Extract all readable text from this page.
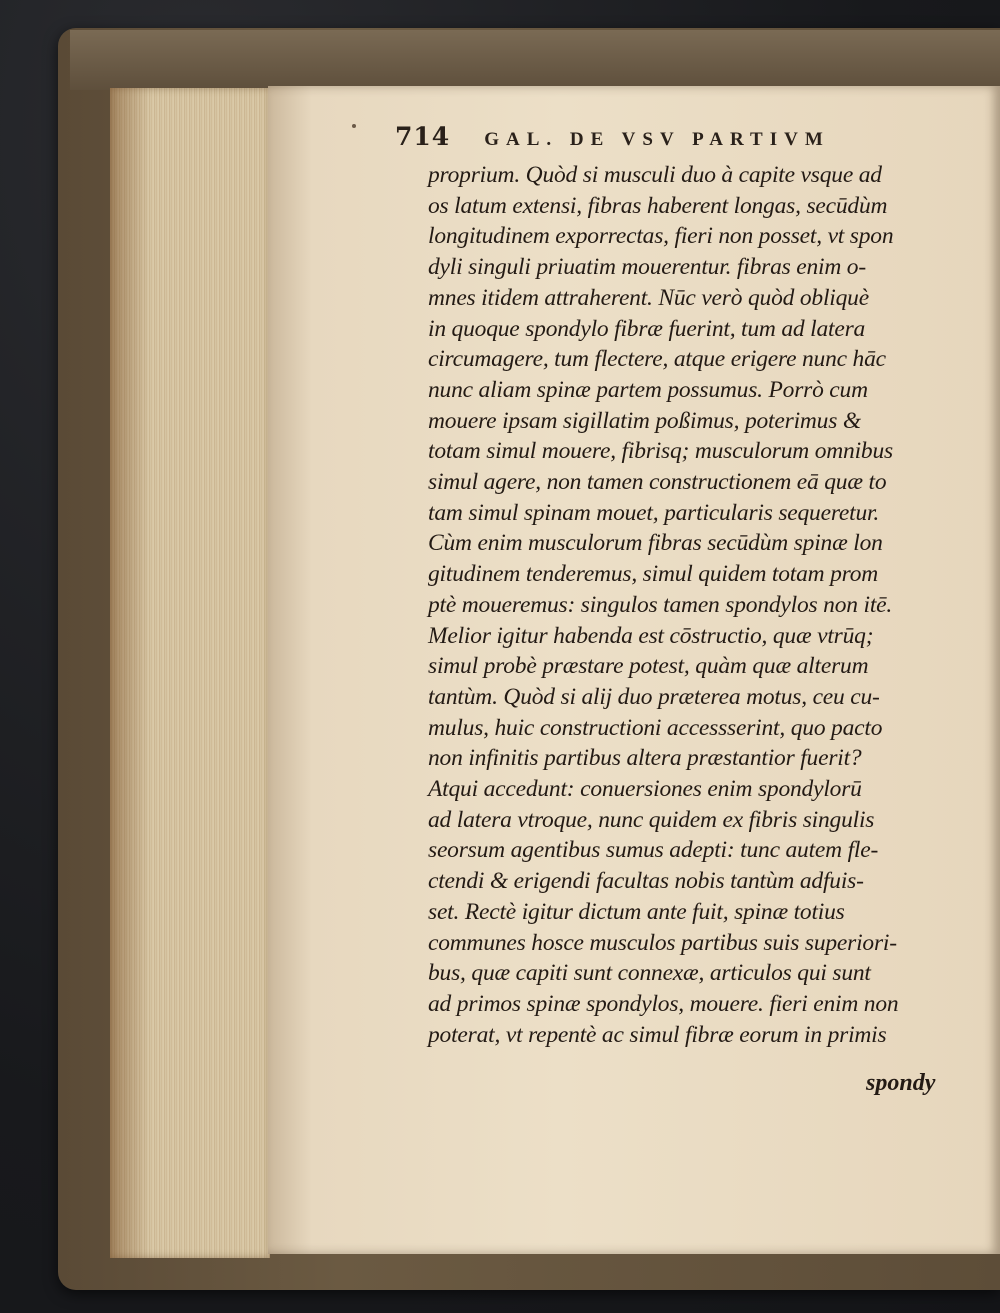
714 GAL. DE VSV PARTIVM
proprium. Quòd si musculi duo à capite vsque ad
os latum extensi, fibras haberent longas, secūdùm
longitudinem exporrectas, fieri non posset, vt spon
dyli singuli priuatim mouerentur. fibras enim o-
mnes itidem attraherent. Nūc verò quòd obliquè
in quoque spondylo fibræ fuerint, tum ad latera
circumagere, tum flectere, atque erigere nunc hāc
nunc aliam spinæ partem possumus. Porrò cum
mouere ipsam sigillatim poßimus, poterimus &
totam simul mouere, fibrisq; musculorum omnibus
simul agere, non tamen constructionem eā quæ to
tam simul spinam mouet, particularis sequeretur.
Cùm enim musculorum fibras secūdùm spinæ lon
gitudinem tenderemus, simul quidem totam prom
ptè moueremus: singulos tamen spondylos non itē.
Melior igitur habenda est cōstructio, quæ vtrūq;
simul probè præstare potest, quàm quæ alterum
tantùm. Quòd si alij duo præterea motus, ceu cu-
mulus, huic constructioni accessserint, quo pacto
non infinitis partibus altera præstantior fuerit?
Atqui accedunt: conuersiones enim spondylorū
ad latera vtroque, nunc quidem ex fibris singulis
seorsum agentibus sumus adepti: tunc autem fle-
ctendi & erigendi facultas nobis tantùm adfuis-
set. Rectè igitur dictum ante fuit, spinæ totius
communes hosce musculos partibus suis superiori-
bus, quæ capiti sunt connexæ, articulos qui sunt
ad primos spinæ spondylos, mouere. fieri enim non
poterat, vt repentè ac simul fibræ eorum in primis
spondy
